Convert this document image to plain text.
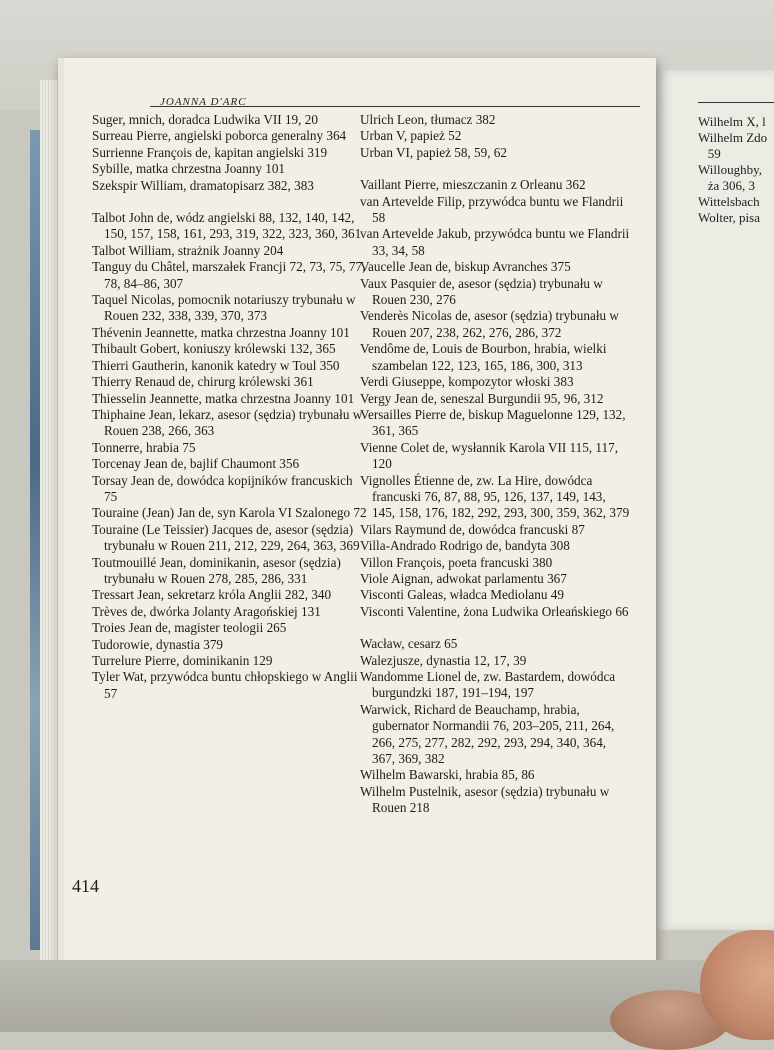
Wilhelm X, l
Wilhelm Zdo
59
Willoughby,
ża 306, 3
Wittelsbach
Wolter, pisa
JOANNA D'ARC

Suger, mnich, doradca Ludwika VII 19, 20

Surreau Pierre, angielski poborca generalny 364

Surrienne François de, kapitan angielski 319

Sybille, matka chrzestna Joanny 101

Szekspir William, dramatopisarz 382, 383

Talbot John de, wódz angielski 88, 132, 140, 142, 150, 157, 158, 161, 293, 319, 322, 323, 360, 361

Talbot William, strażnik Joanny 204

Tanguy du Châtel, marszałek Francji 72, 73, 75, 77, 78, 84–86, 307

Taquel Nicolas, pomocnik notariuszy trybunału w Rouen 232, 338, 339, 370, 373

Thévenin Jeannette, matka chrzestna Joanny 101

Thibault Gobert, koniuszy królewski 132, 365

Thierri Gautherin, kanonik katedry w Toul 350

Thierry Renaud de, chirurg królewski 361

Thiesselin Jeannette, matka chrzestna Joanny 101

Thiphaine Jean, lekarz, asesor (sędzia) trybunału w Rouen 238, 266, 363

Tonnerre, hrabia 75

Torcenay Jean de, bajlif Chaumont 356

Torsay Jean de, dowódca kopijników francuskich 75

Touraine (Jean) Jan de, syn Karola VI Szalonego 72

Touraine (Le Teissier) Jacques de, asesor (sędzia) trybunału w Rouen 211, 212, 229, 264, 363, 369

Toutmouillé Jean, dominikanin, asesor (sędzia) trybunału w Rouen 278, 285, 286, 331

Tressart Jean, sekretarz króla Anglii 282, 340

Trèves de, dwórka Jolanty Aragońskiej 131

Troies Jean de, magister teologii 265

Tudorowie, dynastia 379

Turrelure Pierre, dominikanin 129

Tyler Wat, przywódca buntu chłopskiego w Anglii 57

Ulrich Leon, tłumacz 382

Urban V, papież 52

Urban VI, papież 58, 59, 62

Vaillant Pierre, mieszczanin z Orleanu 362

van Artevelde Filip, przywódca buntu we Flandrii 58

van Artevelde Jakub, przywódca buntu we Flandrii 33, 34, 58

Vaucelle Jean de, biskup Avranches 375

Vaux Pasquier de, asesor (sędzia) trybunału w Rouen 230, 276

Venderès Nicolas de, asesor (sędzia) trybunału w Rouen 207, 238, 262, 276, 286, 372

Vendôme de, Louis de Bourbon, hrabia, wielki szambelan 122, 123, 165, 186, 300, 313

Verdi Giuseppe, kompozytor włoski 383

Vergy Jean de, seneszal Burgundii 95, 96, 312

Versailles Pierre de, biskup Maguelonne 129, 132, 361, 365

Vienne Colet de, wysłannik Karola VII 115, 117, 120

Vignolles Étienne de, zw. La Hire, dowódca francuski 76, 87, 88, 95, 126, 137, 149, 143, 145, 158, 176, 182, 292, 293, 300, 359, 362, 379

Vilars Raymund de, dowódca francuski 87

Villa-Andrado Rodrigo de, bandyta 308

Villon François, poeta francuski 380

Viole Aignan, adwokat parlamentu 367

Visconti Galeas, władca Mediolanu 49

Visconti Valentine, żona Ludwika Orleańskiego 66

Wacław, cesarz 65

Walezjusze, dynastia 12, 17, 39

Wandomme Lionel de, zw. Bastardem, dowódca burgundzki 187, 191–194, 197

Warwick, Richard de Beauchamp, hrabia, gubernator Normandii 76, 203–205, 211, 264, 266, 275, 277, 282, 292, 293, 294, 340, 364, 367, 369, 382

Wilhelm Bawarski, hrabia 85, 86

Wilhelm Pustelnik, asesor (sędzia) trybunału w Rouen 218

414
